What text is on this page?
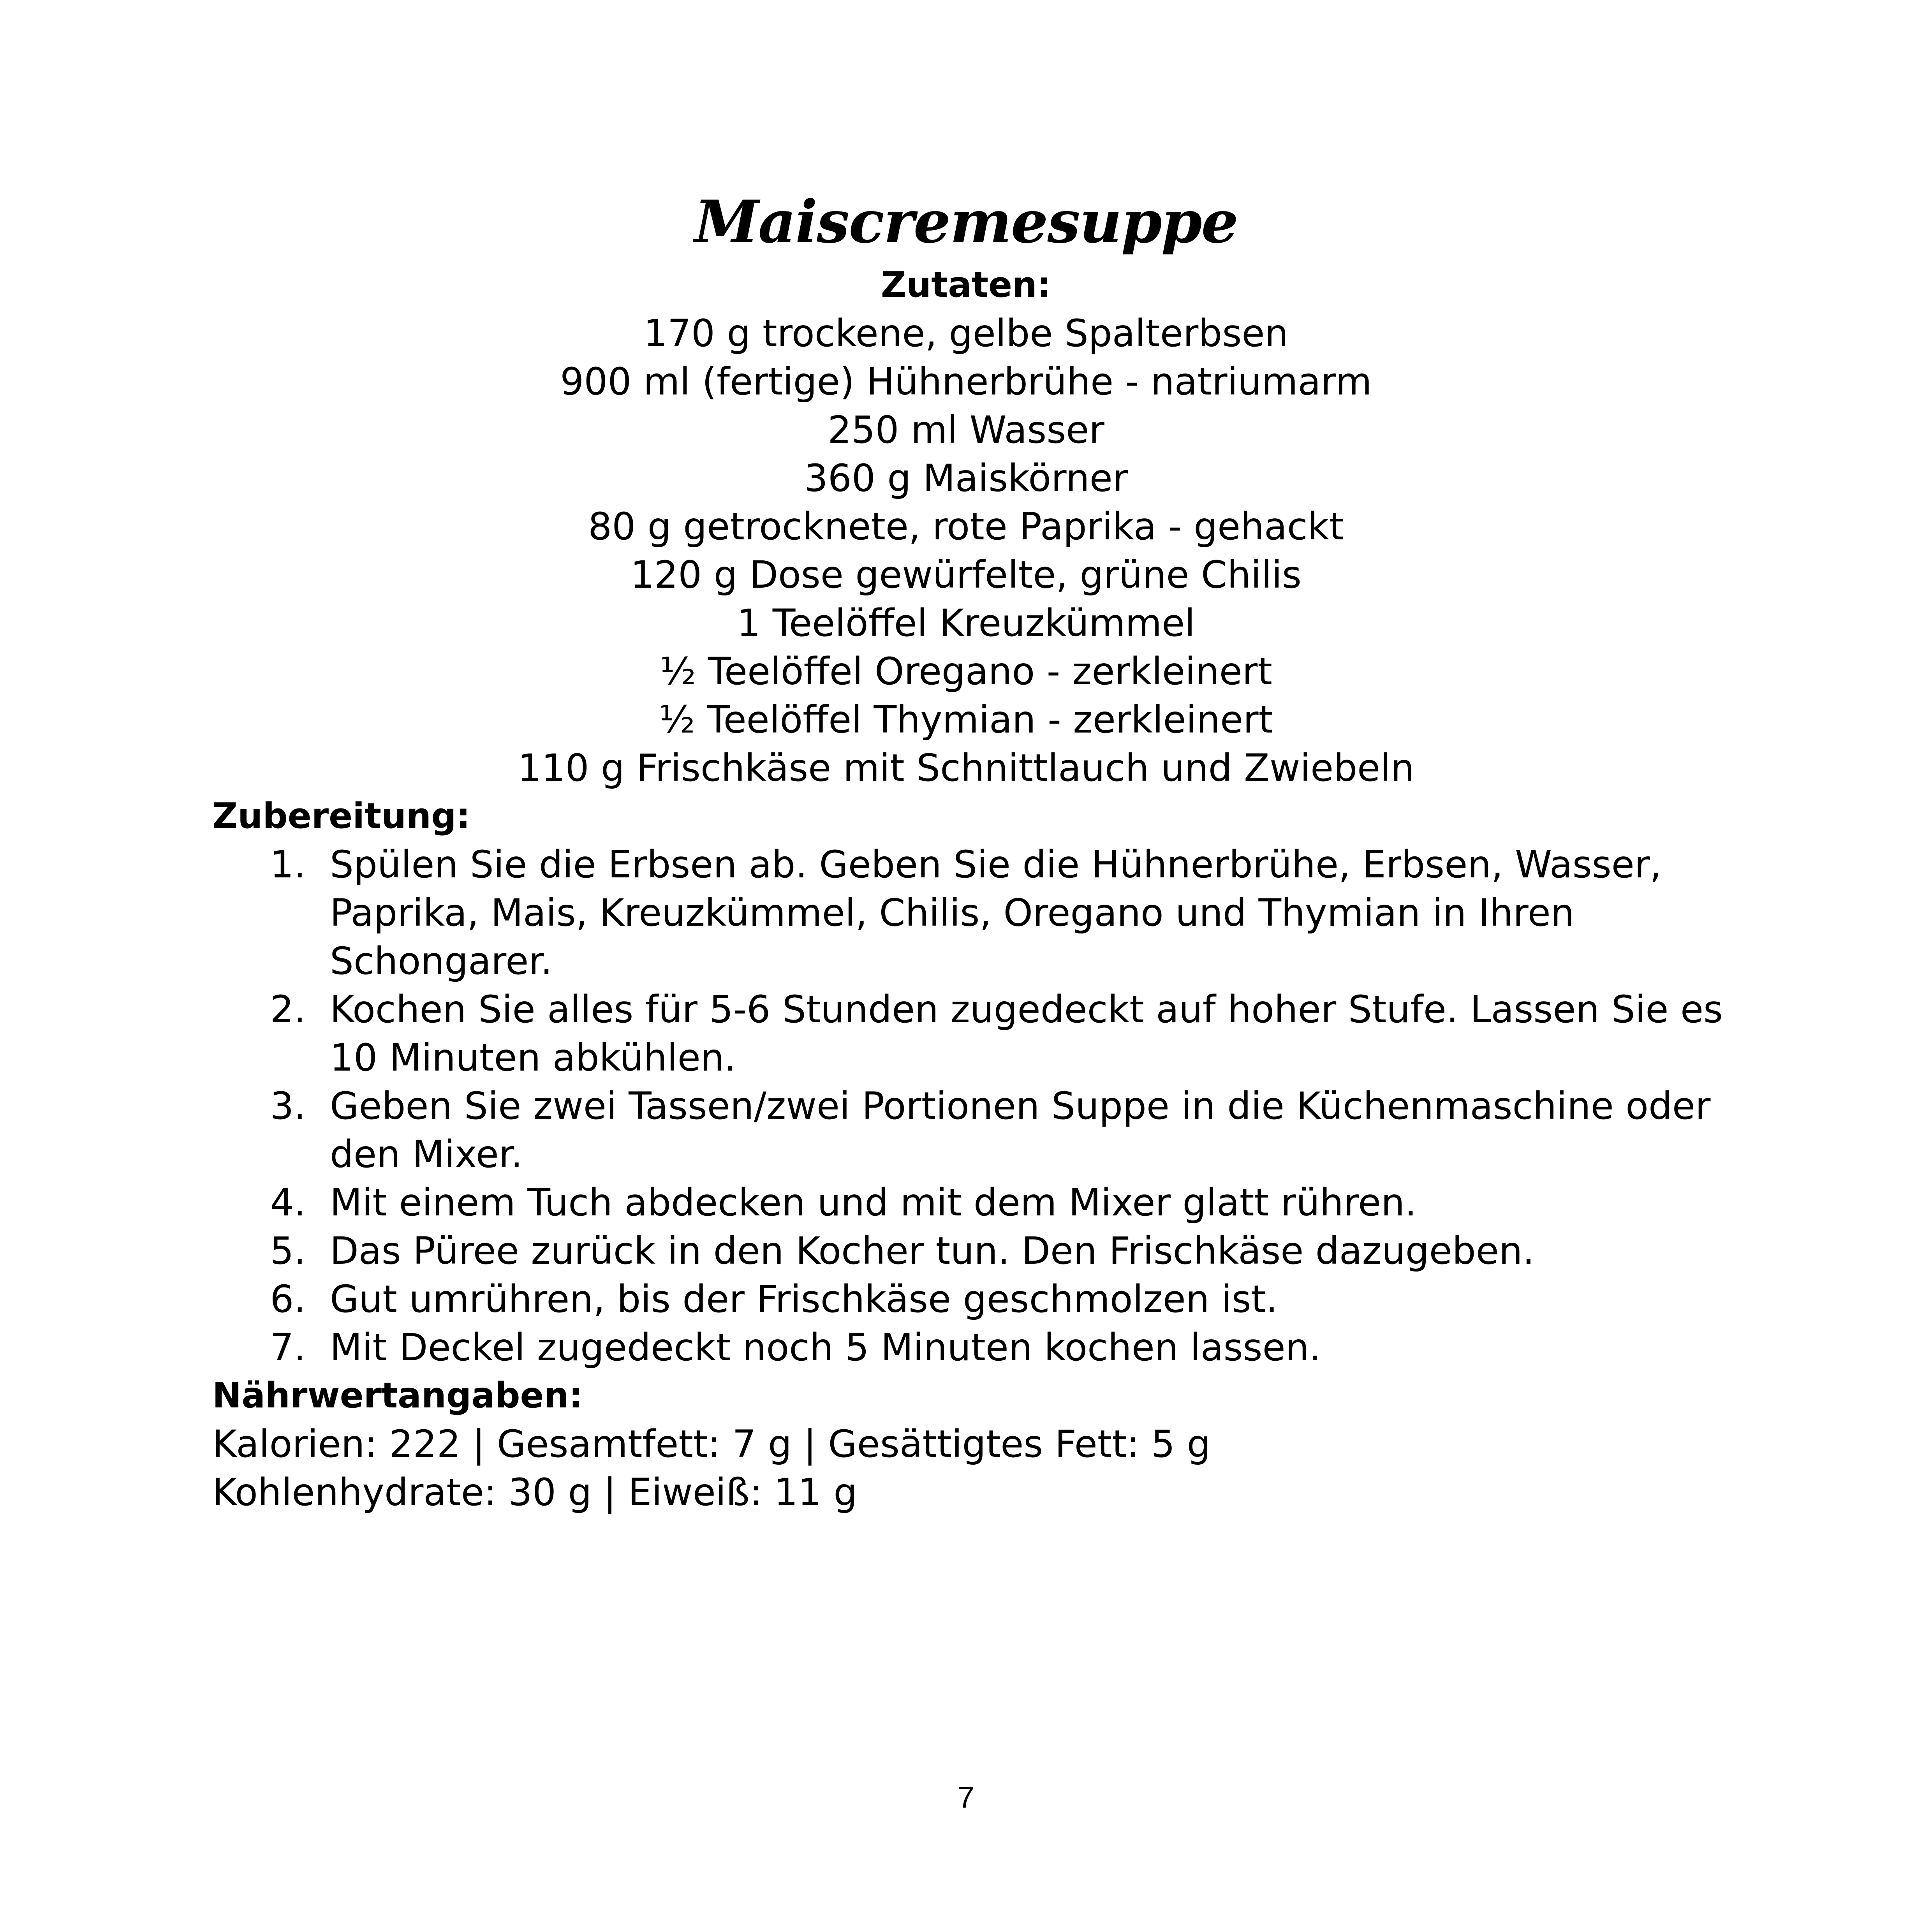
Maiscremesuppe
Zutaten:
170 g trockene, gelbe Spalterbsen
900 ml (fertige) Hühnerbrühe - natriumarm
250 ml Wasser
360 g Maiskörner
80 g getrocknete, rote Paprika - gehackt
120 g Dose gewürfelte, grüne Chilis
1 Teelöffel Kreuzkümmel
½ Teelöffel Oregano - zerkleinert
½ Teelöffel Thymian - zerkleinert
110 g Frischkäse mit Schnittlauch und Zwiebeln
Zubereitung:
1. Spülen Sie die Erbsen ab. Geben Sie die Hühnerbrühe, Erbsen, Wasser, Paprika, Mais, Kreuzkümmel, Chilis, Oregano und Thymian in Ihren Schongarer.
2. Kochen Sie alles für 5-6 Stunden zugedeckt auf hoher Stufe. Lassen Sie es 10 Minuten abkühlen.
3. Geben Sie zwei Tassen/zwei Portionen Suppe in die Küchenmaschine oder den Mixer.
4. Mit einem Tuch abdecken und mit dem Mixer glatt rühren.
5. Das Püree zurück in den Kocher tun. Den Frischkäse dazugeben.
6. Gut umrühren, bis der Frischkäse geschmolzen ist.
7. Mit Deckel zugedeckt noch 5 Minuten kochen lassen.
Nährwertangaben:
Kalorien: 222 | Gesamtfett: 7 g | Gesättigtes Fett: 5 g
Kohlenhydrate: 30 g | Eiweiß: 11 g
7
